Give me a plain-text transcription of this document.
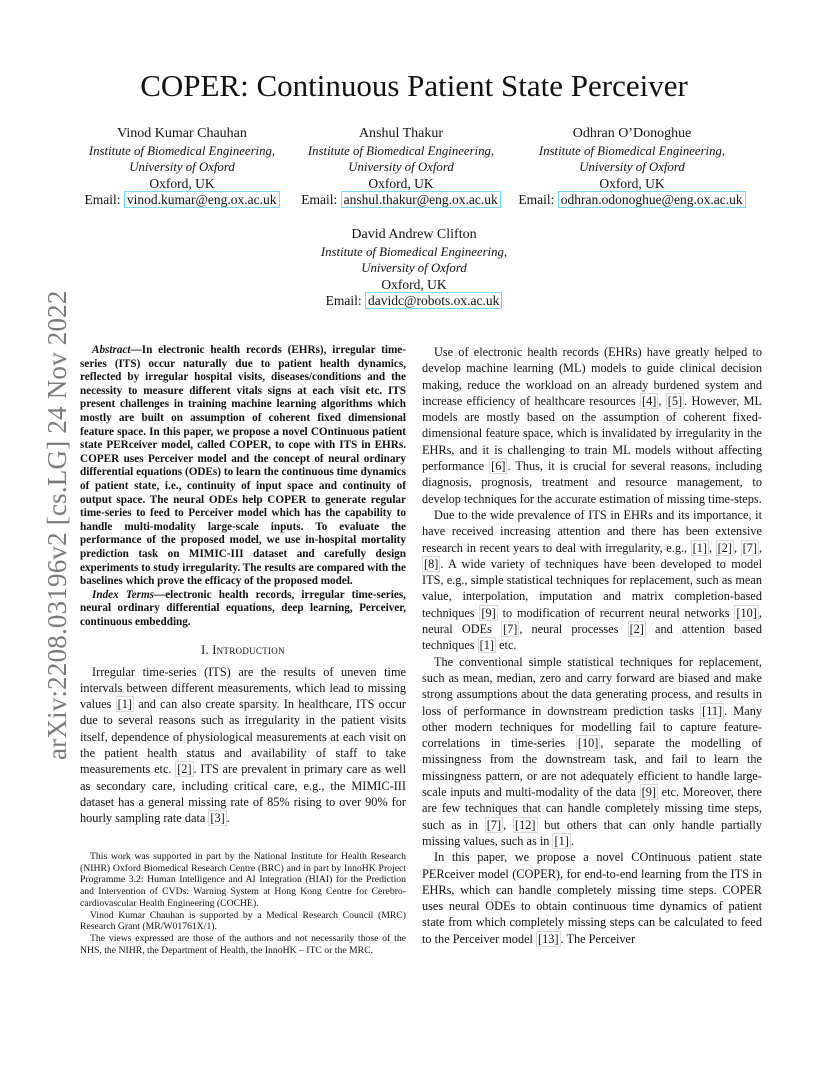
arXiv:2208.03196v2 [cs.LG] 24 Nov 2022
COPER: Continuous Patient State Perceiver
Vinod Kumar Chauhan
Institute of Biomedical Engineering,
University of Oxford
Oxford, UK
Email: vinod.kumar@eng.ox.ac.uk
Anshul Thakur
Institute of Biomedical Engineering,
University of Oxford
Oxford, UK
Email: anshul.thakur@eng.ox.ac.uk
Odhran O’Donoghue
Institute of Biomedical Engineering,
University of Oxford
Oxford, UK
Email: odhran.odonoghue@eng.ox.ac.uk
David Andrew Clifton
Institute of Biomedical Engineering,
University of Oxford
Oxford, UK
Email: davidc@robots.ox.ac.uk

Abstract—In electronic health records (EHRs), irregular time-series (ITS) occur naturally due to patient health dynamics, reflected by irregular hospital visits, diseases/conditions and the necessity to measure different vitals signs at each visit etc. ITS present challenges in training machine learning algorithms which mostly are built on assumption of coherent fixed dimensional feature space. In this paper, we propose a novel COntinuous patient state PERceiver model, called COPER, to cope with ITS in EHRs. COPER uses Perceiver model and the concept of neural ordinary differential equations (ODEs) to learn the continuous time dynamics of patient state, i.e., continuity of input space and continuity of output space. The neural ODEs help COPER to generate regular time-series to feed to Perceiver model which has the capability to handle multi-modality large-scale inputs. To evaluate the performance of the proposed model, we use in-hospital mortality prediction task on MIMIC-III dataset and carefully design experiments to study irregularity. The results are compared with the baselines which prove the efficacy of the proposed model.

Index Terms—electronic health records, irregular time-series, neural ordinary differential equations, deep learning, Perceiver, continuous embedding.

I. Introduction

Irregular time-series (ITS) are the results of uneven time intervals between different measurements, which lead to missing values [1] and can also create sparsity. In healthcare, ITS occur due to several reasons such as irregularity in the patient visits itself, dependence of physiological measurements at each visit on the patient health status and availability of staff to take measurements etc. [2] . ITS are prevalent in primary care as well as secondary care, including critical care, e.g., the MIMIC-III dataset has a general missing rate of 85% rising to over 90% for hourly sampling rate data [3] .

This work was supported in part by the National Institute for Health Research (NIHR) Oxford Biomedical Research Centre (BRC) and in part by InnoHK Project Programme 3.2: Human Intelligence and AI Integration (HIAI) for the Prediction and Intervention of CVDs: Warning System at Hong Kong Centre for Cerebro-cardiovascular Health Engineering (COCHE).

Vinod Kumar Chauhan is supported by a Medical Research Council (MRC) Research Grant (MR/W01761X/1).

The views expressed are those of the authors and not necessarily those of the NHS, the NIHR, the Department of Health, the InnoHK – ITC or the MRC.

Use of electronic health records (EHRs) have greatly helped to develop machine learning (ML) models to guide clinical decision making, reduce the workload on an already burdened system and increase efficiency of healthcare resources [4] , [5] . However, ML models are mostly based on the assumption of coherent fixed-dimensional feature space, which is invalidated by irregularity in the EHRs, and it is challenging to train ML models without affecting performance [6] . Thus, it is crucial for several reasons, including diagnosis, prognosis, treatment and resource management, to develop techniques for the accurate estimation of missing time-steps.

Due to the wide prevalence of ITS in EHRs and its importance, it have received increasing attention and there has been extensive research in recent years to deal with irregularity, e.g., [1] , [2] , [7] , [8] . A wide variety of techniques have been developed to model ITS, e.g., simple statistical techniques for replacement, such as mean value, interpolation, imputation and matrix completion-based techniques [9] to modification of recurrent neural networks [10] , neural ODEs [7] , neural processes [2] and attention based techniques [1] etc.

The conventional simple statistical techniques for replacement, such as mean, median, zero and carry forward are biased and make strong assumptions about the data generating process, and results in loss of performance in downstream prediction tasks [11] . Many other modern techniques for modelling fail to capture feature-correlations in time-series [10] , separate the modelling of missingness from the downstream task, and fail to learn the missingness pattern, or are not adequately efficient to handle large-scale inputs and multi-modality of the data [9] etc. Moreover, there are few techniques that can handle completely missing time steps, such as in [7] , [12] but others that can only handle partially missing values, such as in [1] .

In this paper, we propose a novel COntinuous patient state PERceiver model (COPER), for end-to-end learning from the ITS in EHRs, which can handle completely missing time steps. COPER uses neural ODEs to obtain continuous time dynamics of patient state from which completely missing steps can be calculated to feed to the Perceiver model [13] . The Perceiver
